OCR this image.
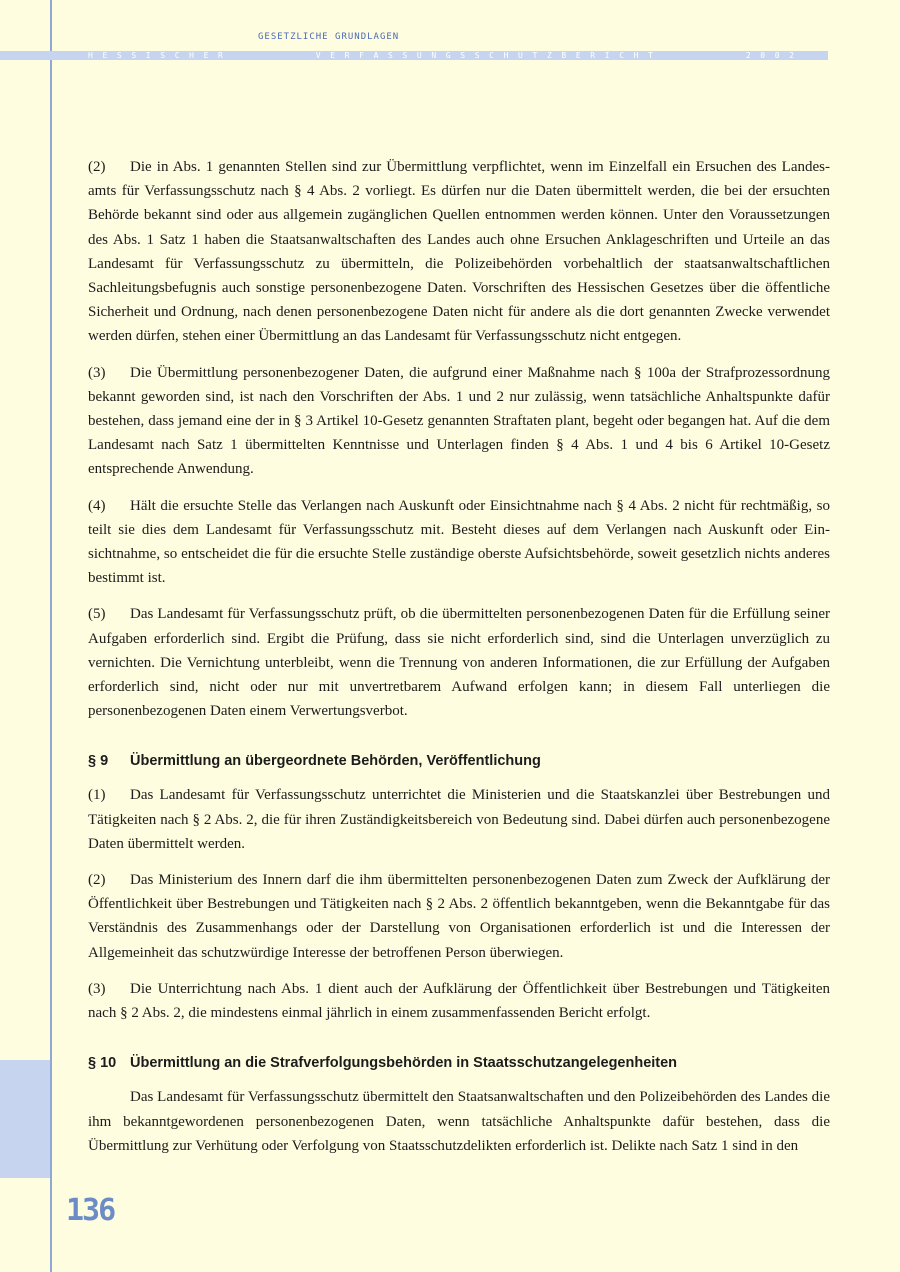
GESETZLICHE GRUNDLAGEN
H  E  S  S  I  S  C  H  E  R	V  E  R  F  A  S  S  U  N  G  S  S  C  H  U  T  Z  B  E  R  I  C  H  T	2  0  0  2

(2) Die in Abs. 1 genannten Stellen sind zur Übermittlung verpflichtet, wenn im Einzelfall ein Ersuchen des Landesamts für Verfassungsschutz nach § 4 Abs. 2 vorliegt. Es dürfen nur die Daten übermittelt werden, die bei der ersuchten Behörde bekannt sind oder aus allgemein zugänglichen Quellen entnommen werden können. Unter den Voraussetzungen des Abs. 1 Satz 1 haben die Staatsanwaltschaften des Landes auch ohne Ersuchen Anklageschriften und Urteile an das Landesamt für Verfassungsschutz zu übermitteln, die Polizeibehörden vorbehaltlich der staatsanwaltschaftlichen Sachleitungsbefugnis auch sonstige personenbezogene Daten. Vorschriften des Hessischen Gesetzes über die öffentliche Sicherheit und Ordnung, nach denen personenbezogene Daten nicht für andere als die dort genannten Zwecke verwendet werden dürfen, stehen einer Übermittlung an das Landesamt für Verfassungsschutz nicht entgegen.

(3) Die Übermittlung personenbezogener Daten, die aufgrund einer Maßnahme nach § 100a der Strafprozessordnung bekannt geworden sind, ist nach den Vorschriften der Abs. 1 und 2 nur zulässig, wenn tatsächliche Anhaltspunkte dafür bestehen, dass jemand eine der in § 3 Artikel 10-Gesetz genannten Straftaten plant, begeht oder begangen hat. Auf die dem Landesamt nach Satz 1 übermittelten Kenntnisse und Unterlagen finden § 4 Abs. 1 und 4 bis 6 Artikel 10-Gesetz entsprechende Anwendung.

(4) Hält die ersuchte Stelle das Verlangen nach Auskunft oder Einsichtnahme nach § 4 Abs. 2 nicht für rechtmäßig, so teilt sie dies dem Landesamt für Verfassungsschutz mit. Besteht dieses auf dem Verlangen nach Auskunft oder Einsichtnahme, so entscheidet die für die ersuchte Stelle zuständige oberste Aufsichtsbehörde, soweit gesetzlich nichts anderes bestimmt ist.

(5) Das Landesamt für Verfassungsschutz prüft, ob die übermittelten personenbezogenen Daten für die Erfüllung seiner Aufgaben erforderlich sind. Ergibt die Prüfung, dass sie nicht erforderlich sind, sind die Unterlagen unverzüglich zu vernichten. Die Vernichtung unterbleibt, wenn die Trennung von anderen Informationen, die zur Erfüllung der Aufgaben erforderlich sind, nicht oder nur mit unvertretbarem Aufwand erfolgen kann; in diesem Fall unterliegen die personenbezogenen Daten einem Verwertungsverbot.

§ 9 Übermittlung an übergeordnete Behörden, Veröffentlichung

(1) Das Landesamt für Verfassungsschutz unterrichtet die Ministerien und die Staatskanzlei über Bestrebungen und Tätigkeiten nach § 2 Abs. 2, die für ihren Zuständigkeitsbereich von Bedeutung sind. Dabei dürfen auch personenbezogene Daten übermittelt werden.

(2) Das Ministerium des Innern darf die ihm übermittelten personenbezogenen Daten zum Zweck der Aufklärung der Öffentlichkeit über Bestrebungen und Tätigkeiten nach § 2 Abs. 2 öffentlich bekanntgeben, wenn die Bekanntgabe für das Verständnis des Zusammenhangs oder der Darstellung von Organisationen erforderlich ist und die Interessen der Allgemeinheit das schutzwürdige Interesse der betroffenen Person überwiegen.

(3) Die Unterrichtung nach Abs. 1 dient auch der Aufklärung der Öffentlichkeit über Bestrebungen und Tätigkeiten nach § 2 Abs. 2, die mindestens einmal jährlich in einem zusammenfassenden Bericht erfolgt.

§ 10 Übermittlung an die Strafverfolgungsbehörden in Staatsschutzangelegenheiten

Das Landesamt für Verfassungsschutz übermittelt den Staatsanwaltschaften und den Polizeibehörden des Landes die ihm bekanntgewordenen personenbezogenen Daten, wenn tatsächliche Anhaltspunkte dafür bestehen, dass die Übermittlung zur Verhütung oder Verfolgung von Staatsschutzdelikten erforderlich ist. Delikte nach Satz 1 sind in den

136
